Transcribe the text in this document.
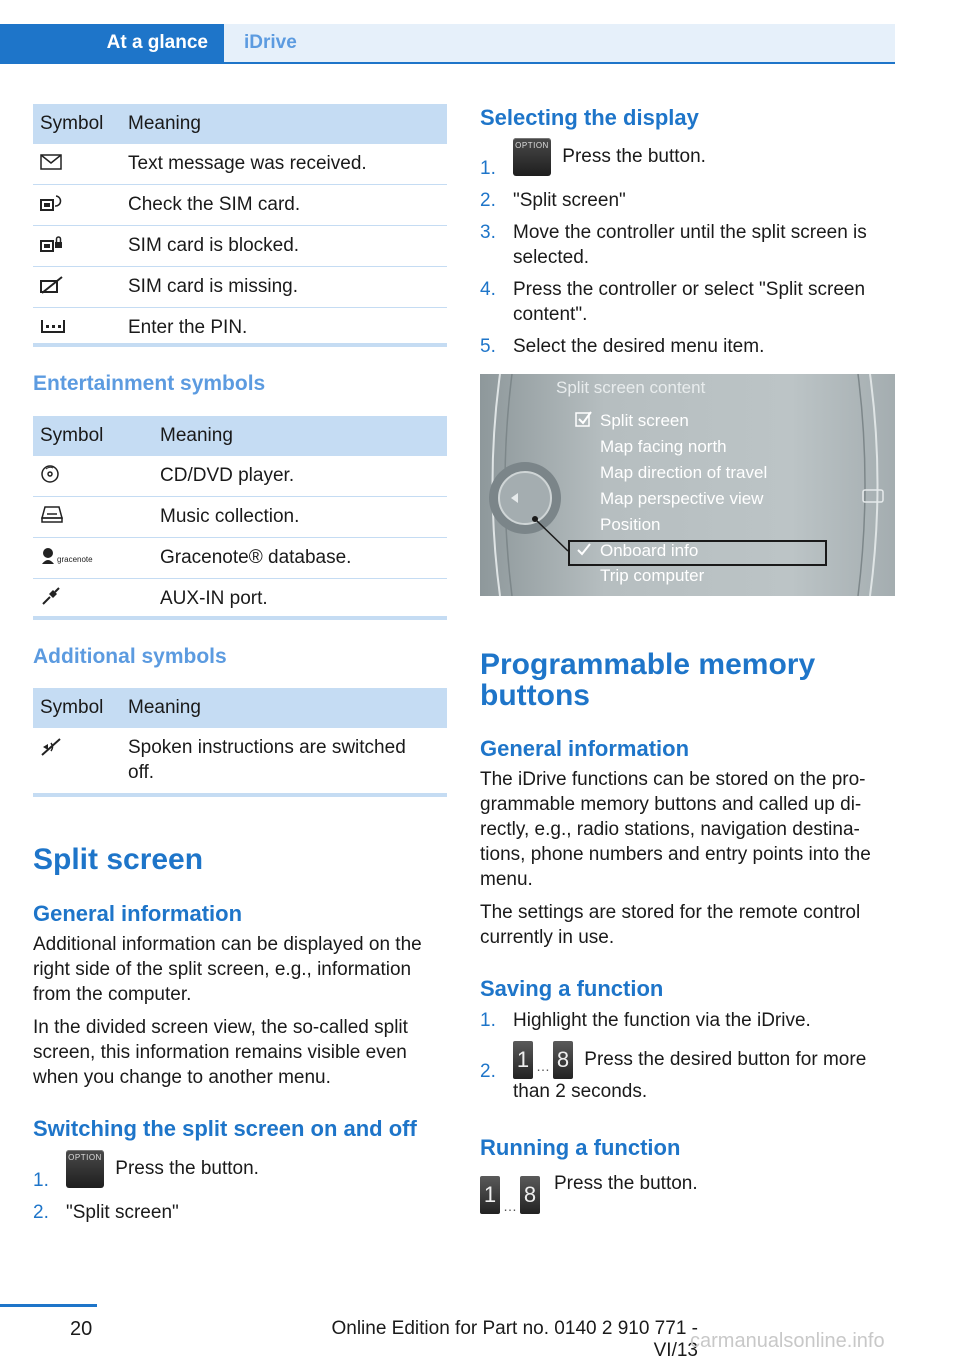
At a glance	iDrive
Symbol	Meaning
	Text message was received.
	Check the SIM card.
	SIM card is blocked.
	SIM card is missing.
	Enter the PIN.
Entertainment symbols
Symbol	Meaning
	CD/DVD player.
	Music collection.

gracenote	Gracenote® database.
	AUX-IN port.
Additional symbols
Symbol	Meaning

Spoken instructions are switched
off.
Split screen
General information
Additional information can be displayed on the
right side of the split screen, e.g., information
from the computer.
In the divided screen view, the so-called split
screen, this information remains visible even
when you change to another menu.
Switching the split screen on and off
1.
OPTION Press the button.
2. "Split screen"
Selecting the display
1.
OPTION Press the button.
2. "Split screen"
3. Move the controller until the split screen is
selected.
4. Press the controller or select "Split screen
content".
5. Select the desired menu item.
Split screen content
Split screen
Map facing north
Map direction of travel
Map perspective view
Position
Onboard info
Trip computer
Programmable memory
buttons
General information
The iDrive functions can be stored on the pro‐
grammable memory buttons and called up di‐
rectly, e.g., radio stations, navigation destina‐
tions, phone numbers and entry points into the
menu.
The settings are stored for the remote control
currently in use.
Saving a function
1. Highlight the function via the iDrive.
2. 1 … 8 Press the desired button for more
than 2 seconds.
Running a function
1 … 8 Press the button.
20	Online Edition for Part no. 0140 2 910 771 - VI/13
carmanualsonline.info
